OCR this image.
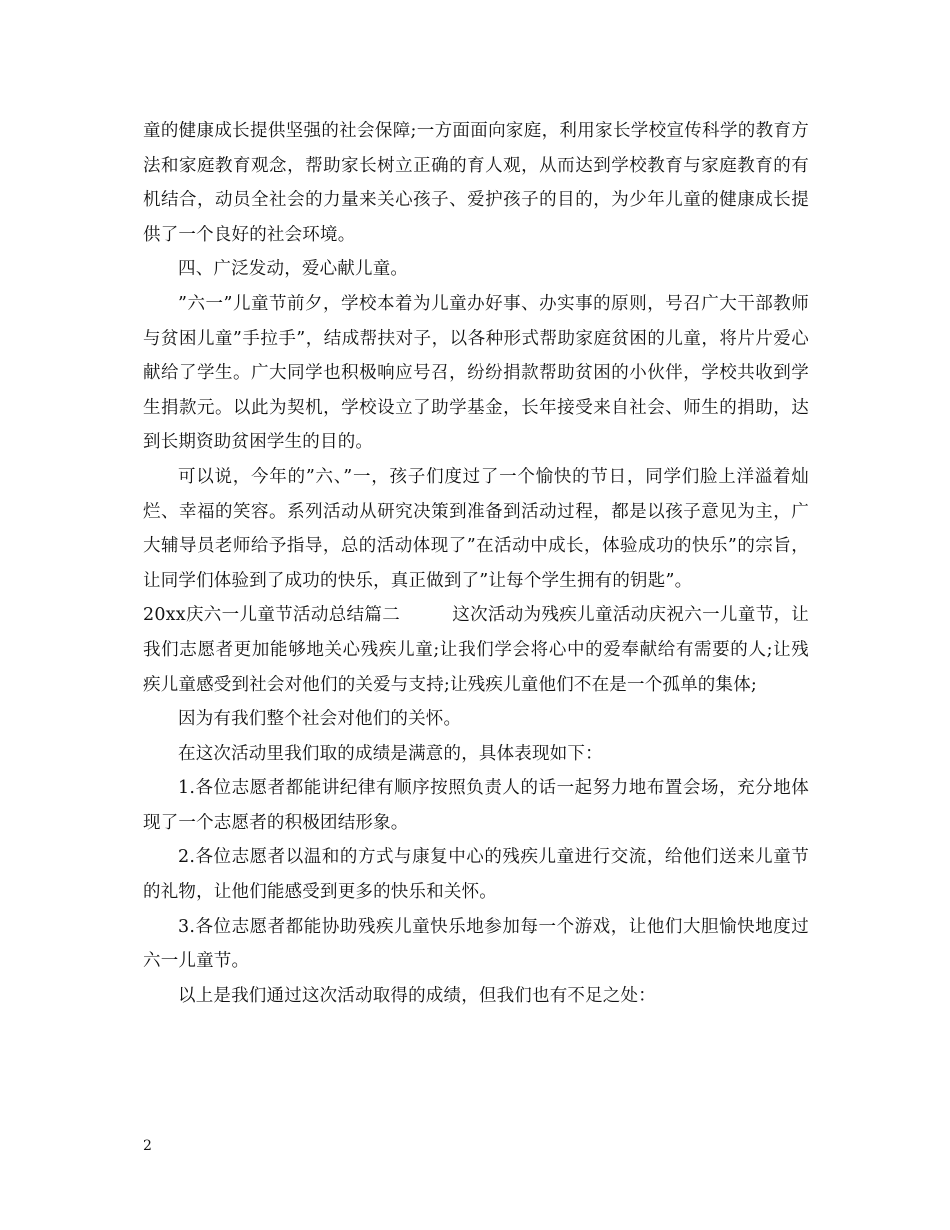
童的健康成长提供坚强的社会保障;一方面面向家庭，利用家长学校宣传科学的教育方法和家庭教育观念，帮助家长树立正确的育人观，从而达到学校教育与家庭教育的有机结合，动员全社会的力量来关心孩子、爱护孩子的目的，为少年儿童的健康成长提供了一个良好的社会环境。

四、广泛发动，爱心献儿童。

”六一”儿童节前夕，学校本着为儿童办好事、办实事的原则，号召广大干部教师与贫困儿童”手拉手”，结成帮扶对子，以各种形式帮助家庭贫困的儿童，将片片爱心献给了学生。广大同学也积极响应号召，纷纷捐款帮助贫困的小伙伴，学校共收到学生捐款元。以此为契机，学校设立了助学基金，长年接受来自社会、师生的捐助，达到长期资助贫困学生的目的。

可以说，今年的”六、”一，孩子们度过了一个愉快的节日，同学们脸上洋溢着灿烂、幸福的笑容。系列活动从研究决策到准备到活动过程，都是以孩子意见为主，广大辅导员老师给予指导，总的活动体现了”在活动中成长，体验成功的快乐”的宗旨，让同学们体验到了成功的快乐，真正做到了”让每个学生拥有的钥匙”。

20xx庆六一儿童节活动总结篇二	这次活动为残疾儿童活动庆祝六一儿童节，让我们志愿者更加能够地关心残疾儿童;让我们学会将心中的爱奉献给有需要的人;让残疾儿童感受到社会对他们的关爱与支持;让残疾儿童他们不在是一个孤单的集体;

因为有我们整个社会对他们的关怀。

在这次活动里我们取的成绩是满意的，具体表现如下：

1.各位志愿者都能讲纪律有顺序按照负责人的话一起努力地布置会场，充分地体现了一个志愿者的积极团结形象。

2.各位志愿者以温和的方式与康复中心的残疾儿童进行交流，给他们送来儿童节的礼物，让他们能感受到更多的快乐和关怀。

3.各位志愿者都能协助残疾儿童快乐地参加每一个游戏，让他们大胆愉快地度过六一儿童节。

以上是我们通过这次活动取得的成绩，但我们也有不足之处：

2
